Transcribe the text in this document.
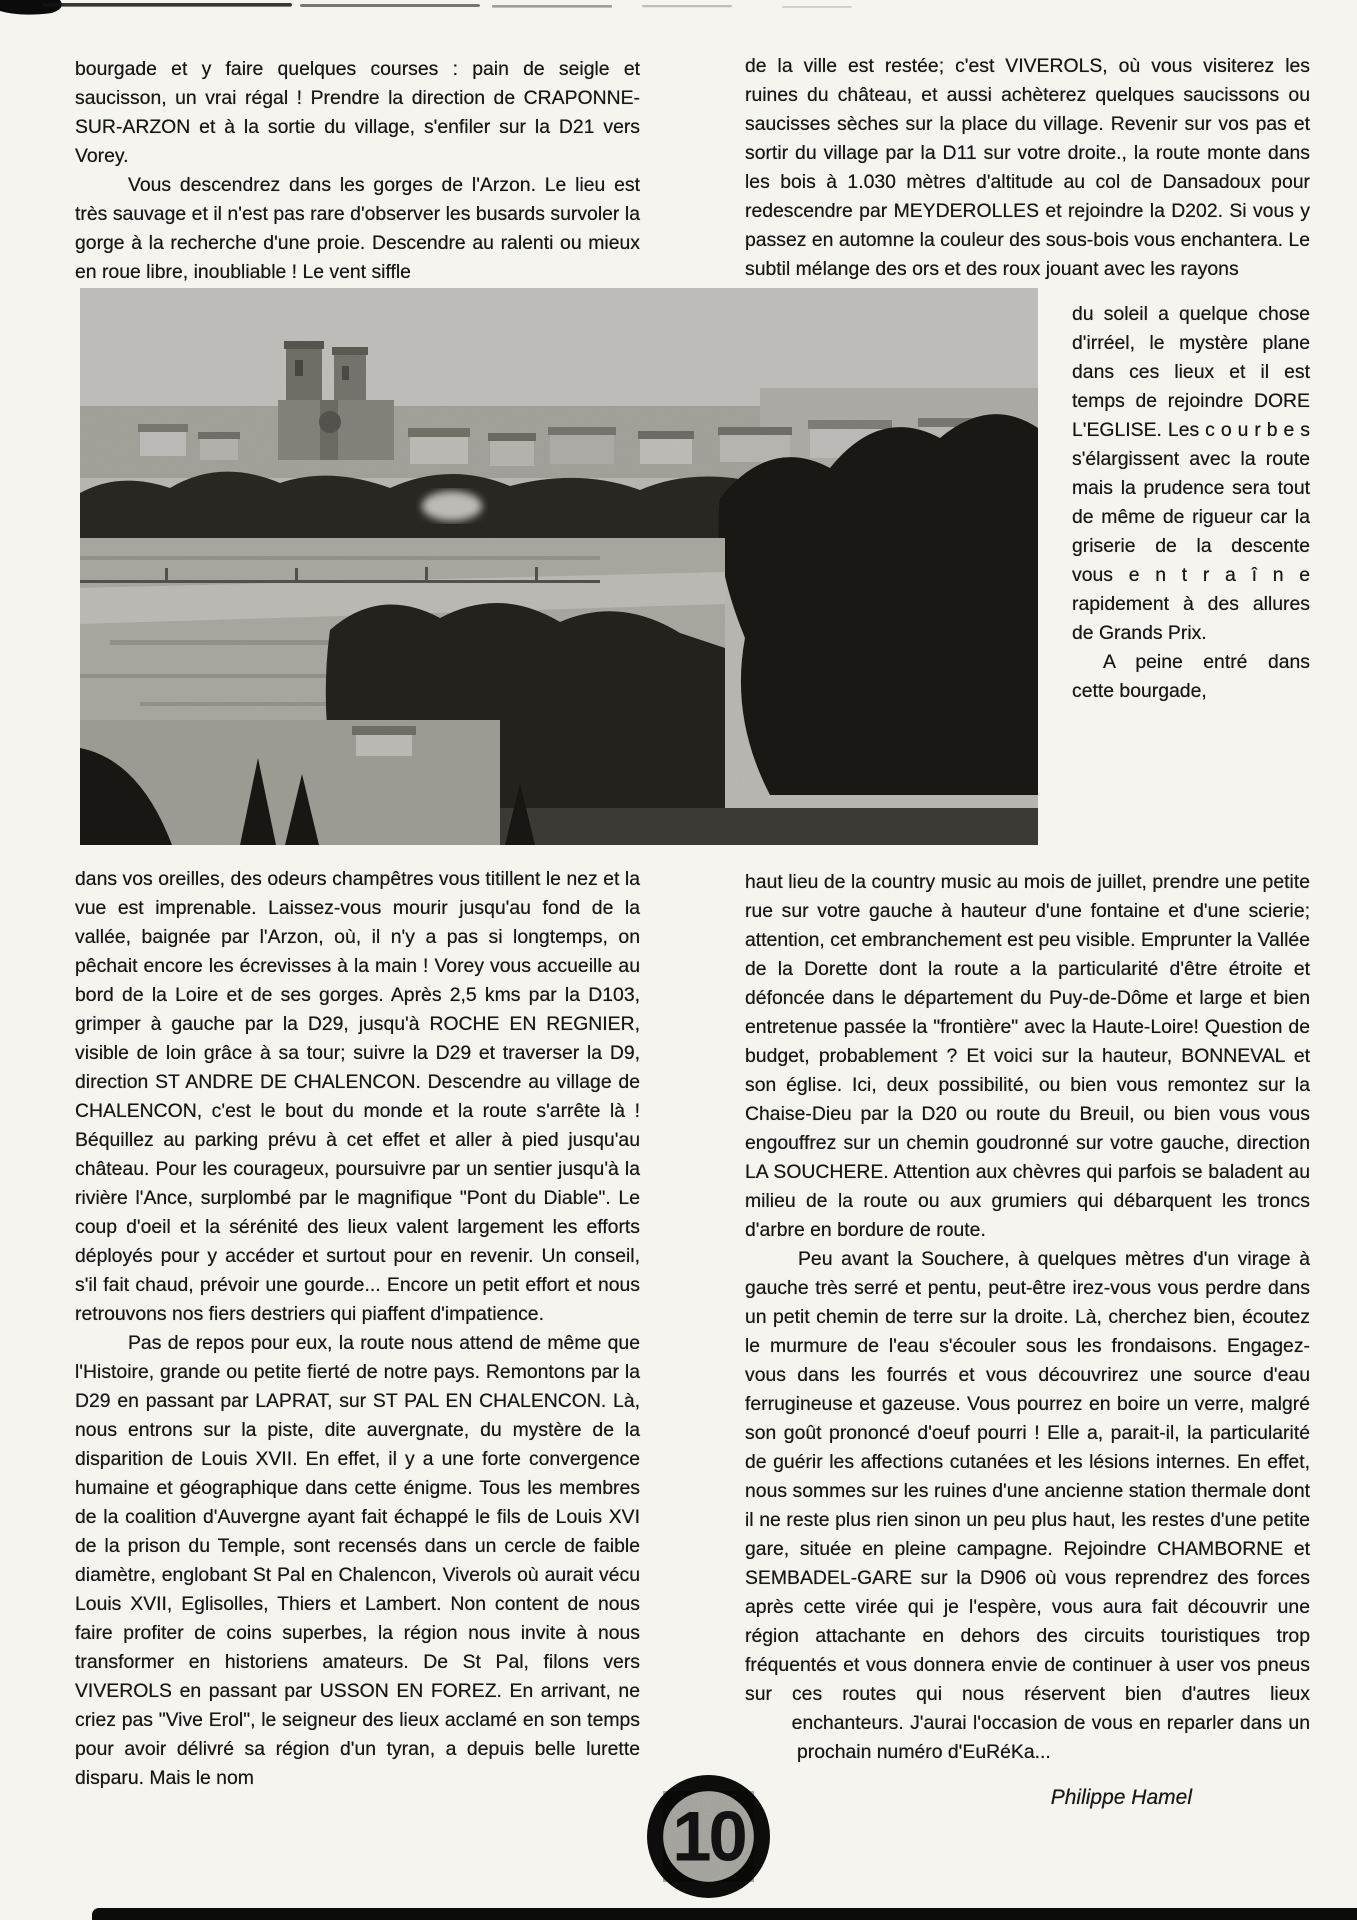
bourgade et y faire quelques courses : pain de seigle et saucisson, un vrai régal ! Prendre la direction de CRAPONNE-SUR-ARZON et à la sortie du village, s'enfiler sur la D21 vers Vorey.

Vous descendrez dans les gorges de l'Arzon. Le lieu est très sauvage et il n'est pas rare d'observer les busards survoler la gorge à la recherche d'une proie. Descendre au ralenti ou mieux en roue libre, inoubliable ! Le vent siffle

de la ville est restée; c'est VIVEROLS, où vous visiterez les ruines du château, et aussi achèterez quelques saucissons ou saucisses sèches sur la place du village. Revenir sur vos pas et sortir du village par la D11 sur votre droite., la route monte dans les bois à 1.030 mètres d'altitude au col de Dansadoux pour redescendre par MEYDEROLLES et rejoindre la D202. Si vous y passez en automne la couleur des sous-bois vous enchantera. Le subtil mélange des ors et des roux jouant avec les rayons

du soleil a quelque chose d'irréel, le mystère plane dans ces lieux et il est temps de rejoindre DORE L'EGLISE. Les c o u r b e s s'élargissent avec la route mais la prudence sera tout de même de rigueur car la griserie de la descente vous e n t r a î n e rapidement à des allures de Grands Prix.

A peine entré dans cette bourgade,

dans vos oreilles, des odeurs champêtres vous titillent le nez et la vue est imprenable. Laissez-vous mourir jusqu'au fond de la vallée, baignée par l'Arzon, où, il n'y a pas si longtemps, on pêchait encore les écrevisses à la main ! Vorey vous accueille au bord de la Loire et de ses gorges. Après 2,5 kms par la D103, grimper à gauche par la D29, jusqu'à ROCHE EN REGNIER, visible de loin grâce à sa tour; suivre la D29 et traverser la D9, direction ST ANDRE DE CHALENCON. Descendre au village de CHALENCON, c'est le bout du monde et la route s'arrête là ! Béquillez au parking prévu à cet effet et aller à pied jusqu'au château. Pour les courageux, poursuivre par un sentier jusqu'à la rivière l'Ance, surplombé par le magnifique "Pont du Diable". Le coup d'oeil et la sérénité des lieux valent largement les efforts déployés pour y accéder et surtout pour en revenir. Un conseil, s'il fait chaud, prévoir une gourde... Encore un petit effort et nous retrouvons nos fiers destriers qui piaffent d'impatience.

Pas de repos pour eux, la route nous attend de même que l'Histoire, grande ou petite fierté de notre pays. Remontons par la D29 en passant par LAPRAT, sur ST PAL EN CHALENCON. Là, nous entrons sur la piste, dite auvergnate, du mystère de la disparition de Louis XVII. En effet, il y a une forte convergence humaine et géographique dans cette énigme. Tous les membres de la coalition d'Auvergne ayant fait échappé le fils de Louis XVI de la prison du Temple, sont recensés dans un cercle de faible diamètre, englobant St Pal en Chalencon, Viverols où aurait vécu Louis XVII, Eglisolles, Thiers et Lambert. Non content de nous faire profiter de coins superbes, la région nous invite à nous transformer en historiens amateurs. De St Pal, filons vers VIVEROLS en passant par USSON EN FOREZ. En arrivant, ne criez pas "Vive Erol", le seigneur des lieux acclamé en son temps pour avoir délivré sa région d'un tyran, a depuis belle lurette disparu. Mais le nom

haut lieu de la country music au mois de juillet, prendre une petite rue sur votre gauche à hauteur d'une fontaine et d'une scierie; attention, cet embranchement est peu visible. Emprunter la Vallée de la Dorette dont la route a la particularité d'être étroite et défoncée dans le département du Puy-de-Dôme et large et bien entretenue passée la "frontière" avec la Haute-Loire! Question de budget, probablement ? Et voici sur la hauteur, BONNEVAL et son église. Ici, deux possibilité, ou bien vous remontez sur la Chaise-Dieu par la D20 ou route du Breuil, ou bien vous vous engouffrez sur un chemin goudronné sur votre gauche, direction LA SOUCHERE. Attention aux chèvres qui parfois se baladent au milieu de la route ou aux grumiers qui débarquent les troncs d'arbre en bordure de route.

Peu avant la Souchere, à quelques mètres d'un virage à gauche très serré et pentu, peut-être irez-vous vous perdre dans un petit chemin de terre sur la droite. Là, cherchez bien, écoutez le murmure de l'eau s'écouler sous les frondaisons. Engagez-vous dans les fourrés et vous découvrirez une source d'eau ferrugineuse et gazeuse. Vous pourrez en boire un verre, malgré son goût prononcé d'oeuf pourri ! Elle a, parait-il, la particularité de guérir les affections cutanées et les lésions internes. En effet, nous sommes sur les ruines d'une ancienne station thermale dont il ne reste plus rien sinon un peu plus haut, les restes d'une petite gare, située en pleine campagne. Rejoindre CHAMBORNE et SEMBADEL-GARE sur la D906 où vous reprendrez des forces après cette virée qui je l'espère, vous aura fait découvrir une région attachante en dehors des circuits touristiques trop fréquentés et vous donnera envie de continuer à user vos pneus sur ces routes qui nous réservent bien d'autres lieux enchanteurs. J'aurai l'occasion de vous en reparler dans un prochain numéro d'EuRéKa...

Philippe Hamel

10
